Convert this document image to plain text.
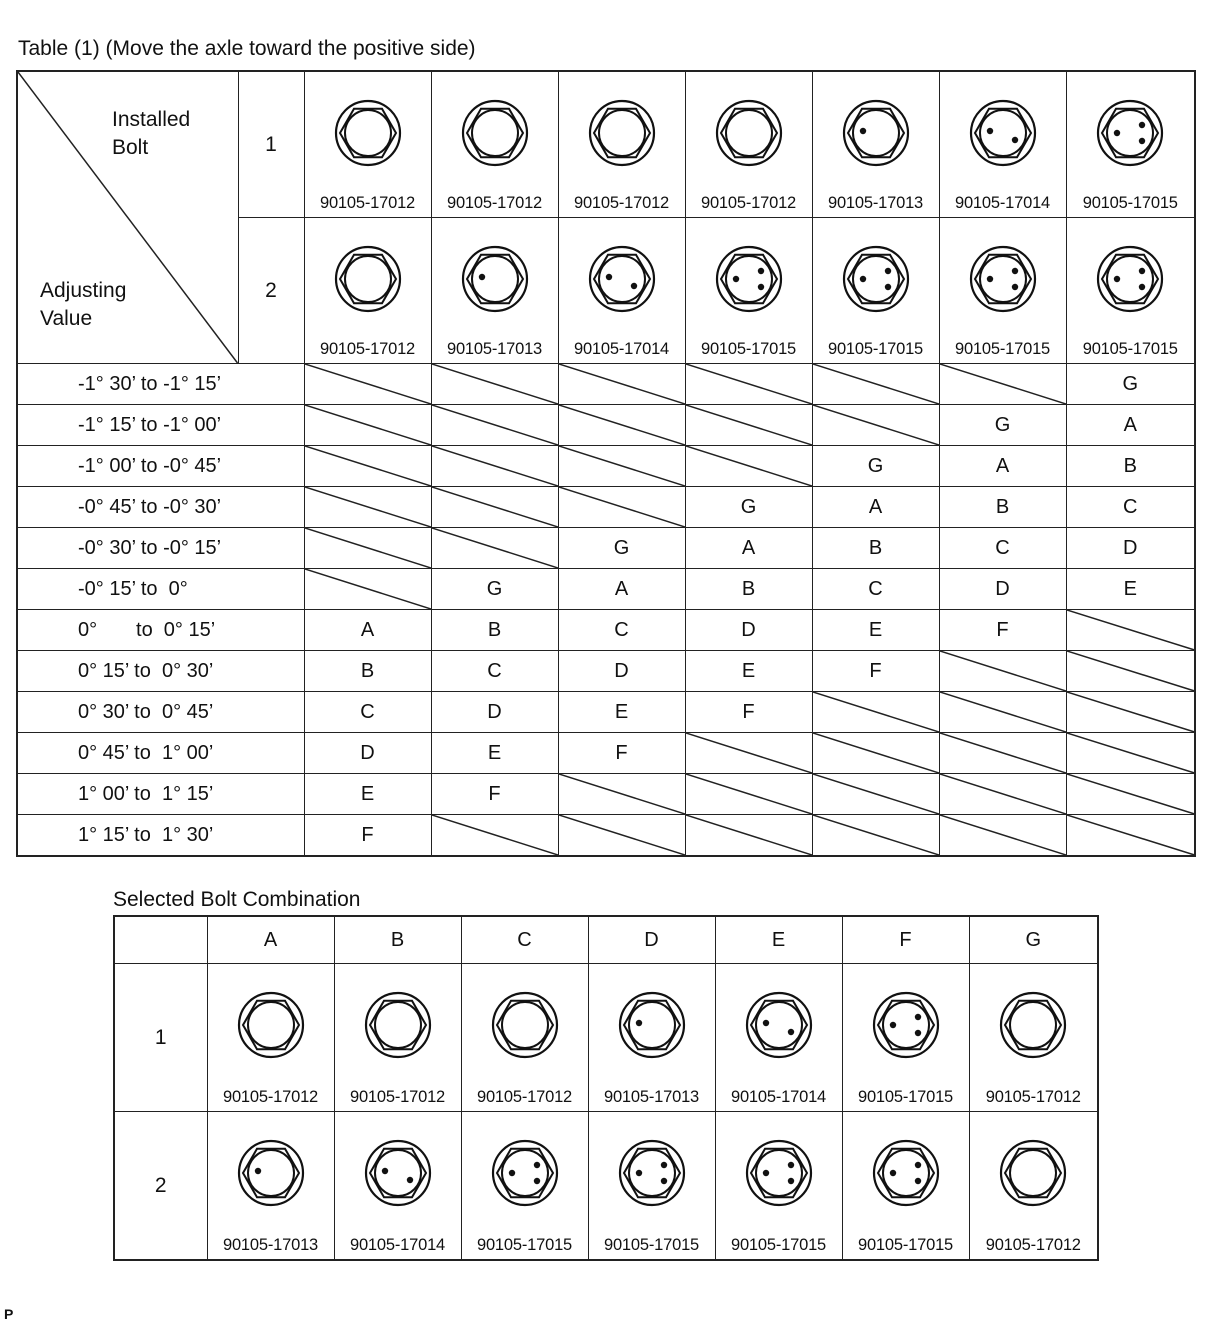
Table (1) (Move the axle toward the positive side)
Installed
Bolt
Adjusting
Value	1	90105-17012	90105-17012	90105-17012	90105-17012	90105-17013	90105-17014	90105-17015

	2	90105-17012	90105-17013	90105-17014	90105-17015	90105-17015	90105-17015	90105-17015

-1° 30’ to -1° 15’								G
-1° 15’ to -1° 00’							G	A
-1° 00’ to -0° 45’						G	A	B
-0° 45’ to -0° 30’					G	A	B	C
-0° 30’ to -0° 15’				G	A	B	C	D
-0° 15’ to  0°			G	A	B	C	D	E
0°       to  0° 15’		A	B	C	D	E	F	

0° 15’ to  0° 30’		B	C	D	E	F	

0° 30’ to  0° 45’		C	D	E	F	

0° 45’ to  1° 00’		D	E	F	

1° 00’ to  1° 15’		E	F	

1° 15’ to  1° 30’		F	

Selected Bolt Combination
	A	B	C	D	E	F	G
1	90105-17012	90105-17012	90105-17012	90105-17013	90105-17014	90105-17015	90105-17012

2	90105-17013	90105-17014	90105-17015	90105-17015	90105-17015	90105-17015	90105-17012
P
